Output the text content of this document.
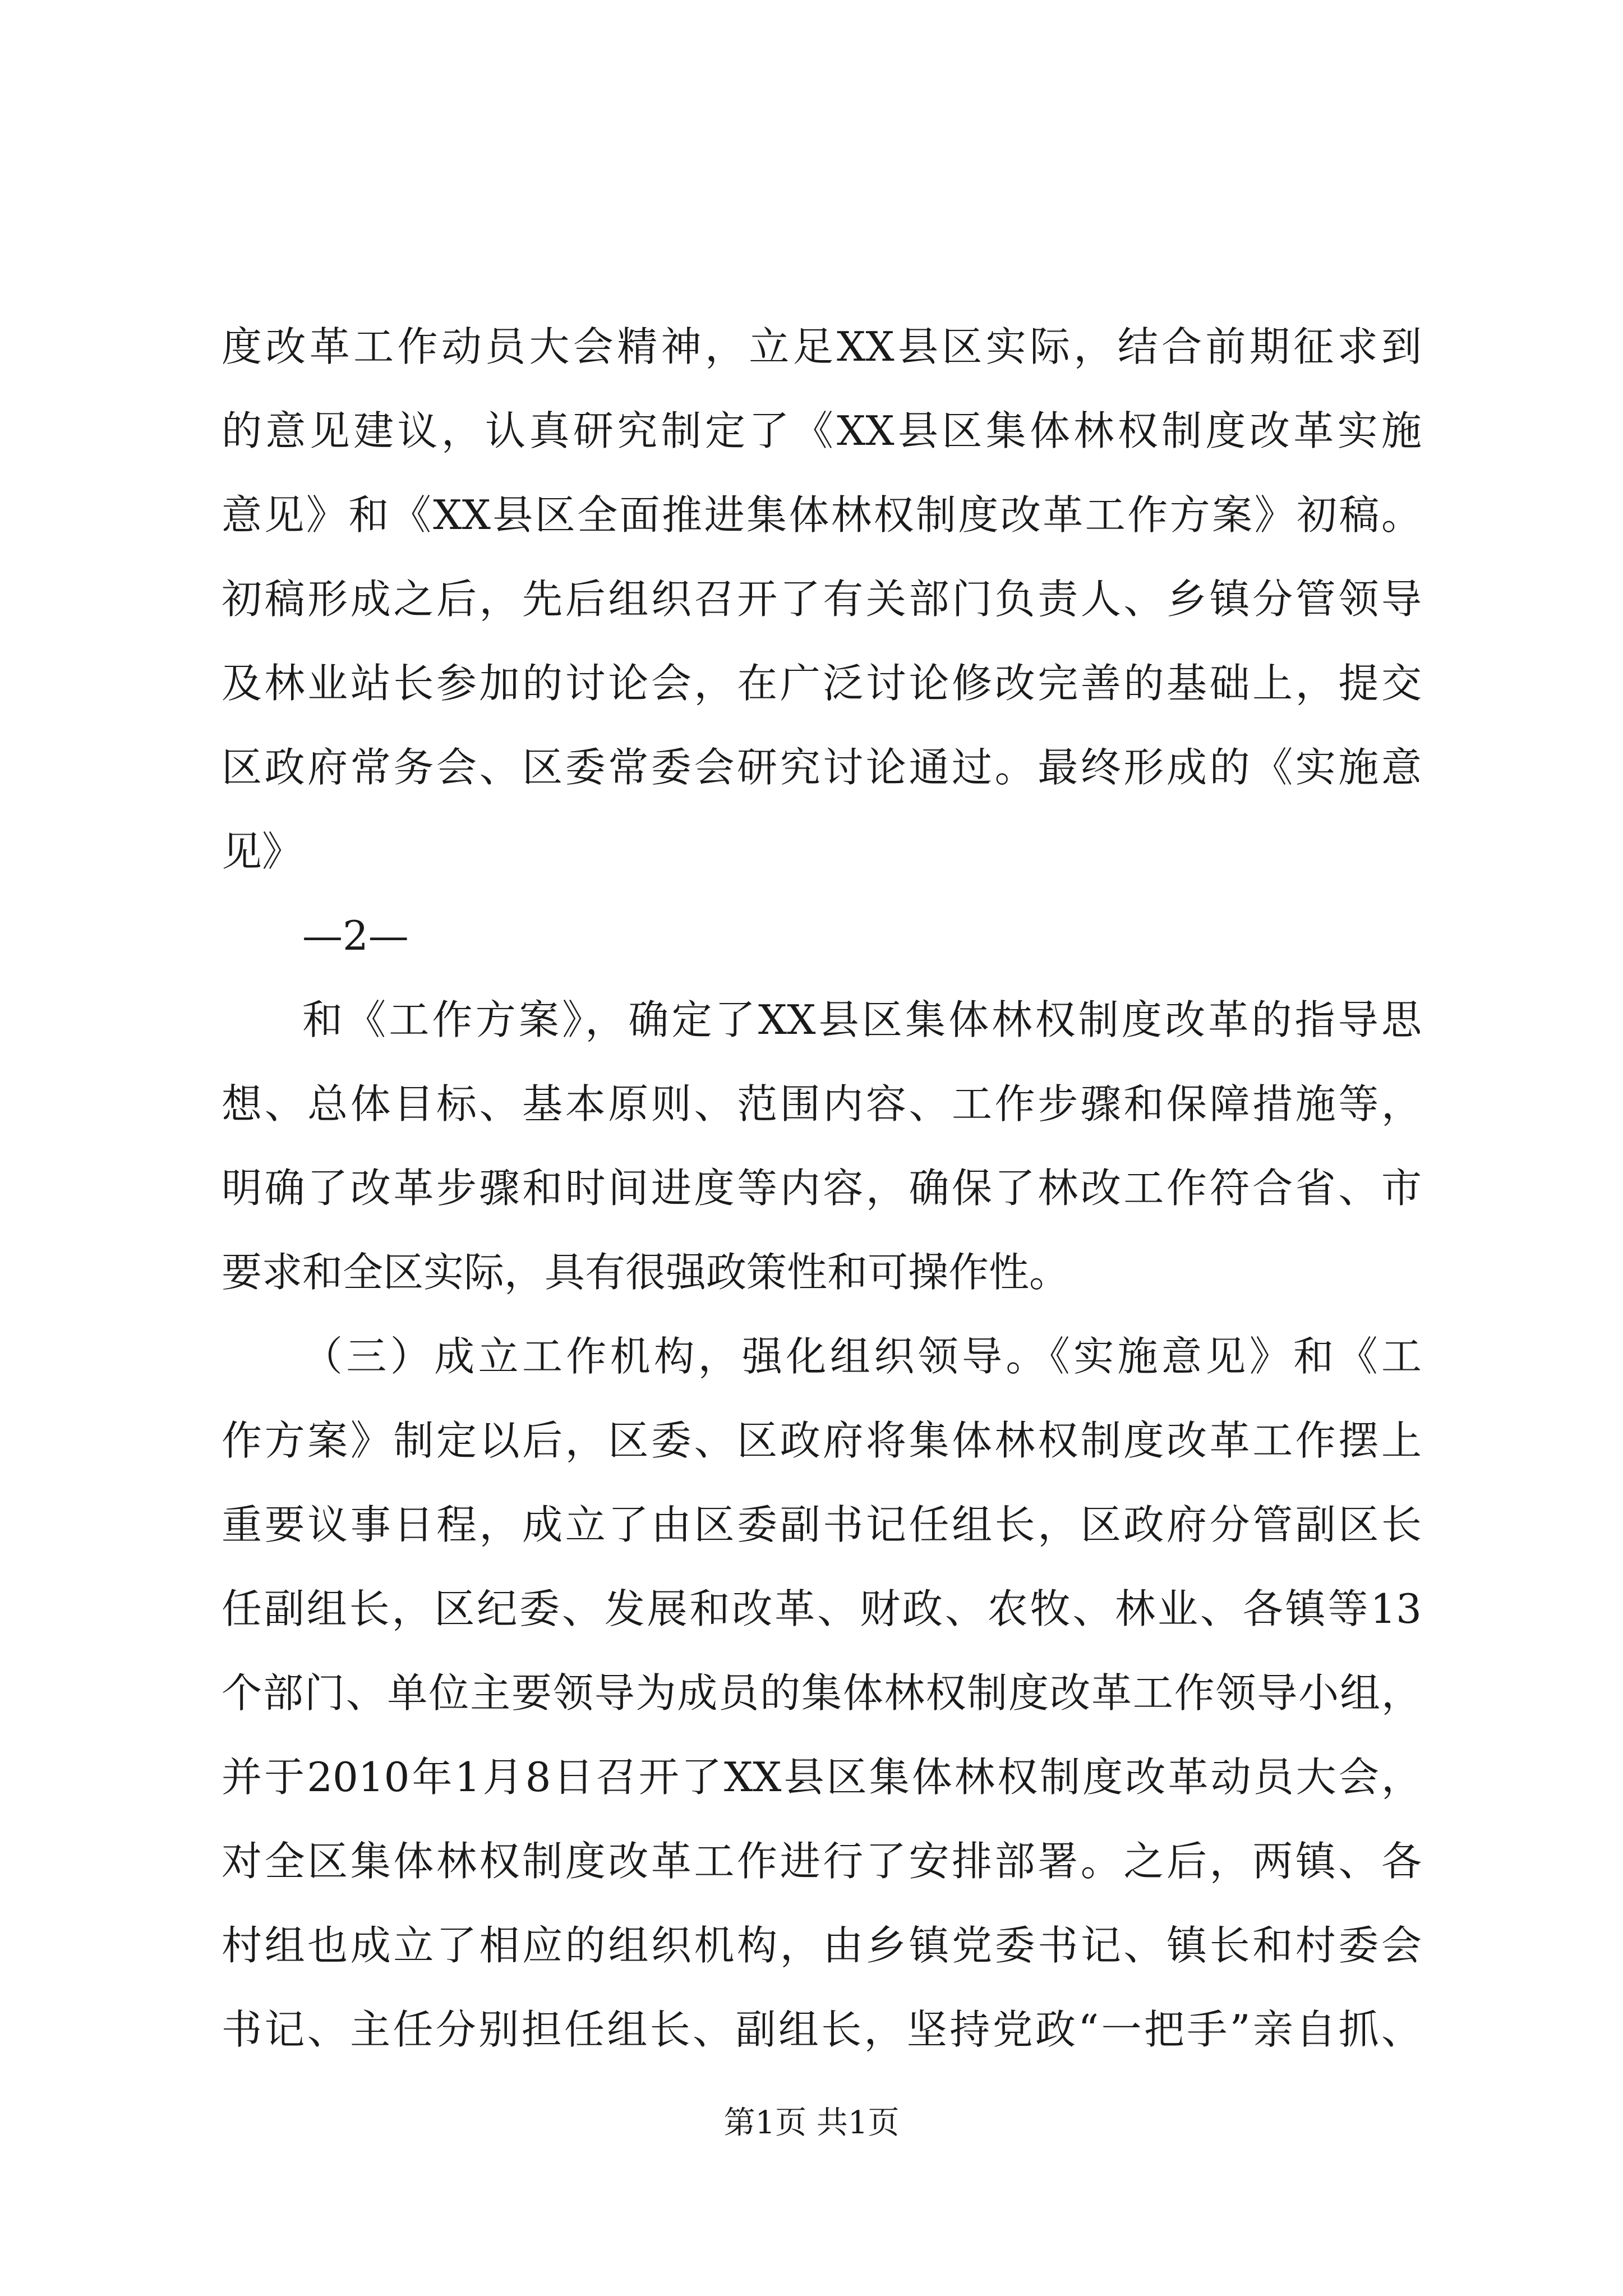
度改革工作动员大会精神，立足XX县区实际，结合前期征求到
的意见建议，认真研究制定了《XX县区集体林权制度改革实施
意见》和《XX县区全面推进集体林权制度改革工作方案》初稿。
初稿形成之后，先后组织召开了有关部门负责人、乡镇分管领导
及林业站长参加的讨论会，在广泛讨论修改完善的基础上，提交
区政府常务会、区委常委会研究讨论通过。最终形成的《实施意
见》
—2—
和《工作方案》，确定了XX县区集体林权制度改革的指导思
想、总体目标、基本原则、范围内容、工作步骤和保障措施等，
明确了改革步骤和时间进度等内容，确保了林改工作符合省、市
要求和全区实际，具有很强政策性和可操作性。
（三）成立工作机构，强化组织领导。《实施意见》和《工
作方案》制定以后，区委、区政府将集体林权制度改革工作摆上
重要议事日程，成立了由区委副书记任组长，区政府分管副区长
任副组长，区纪委、发展和改革、财政、农牧、林业、各镇等13
个部门、单位主要领导为成员的集体林权制度改革工作领导小组，
并于2010年1月8日召开了XX县区集体林权制度改革动员大会，
对全区集体林权制度改革工作进行了安排部署。之后，两镇、各
村组也成立了相应的组织机构，由乡镇党委书记、镇长和村委会
书记、主任分别担任组长、副组长，坚持党政“一把手”亲自抓、
第1页 共1页
